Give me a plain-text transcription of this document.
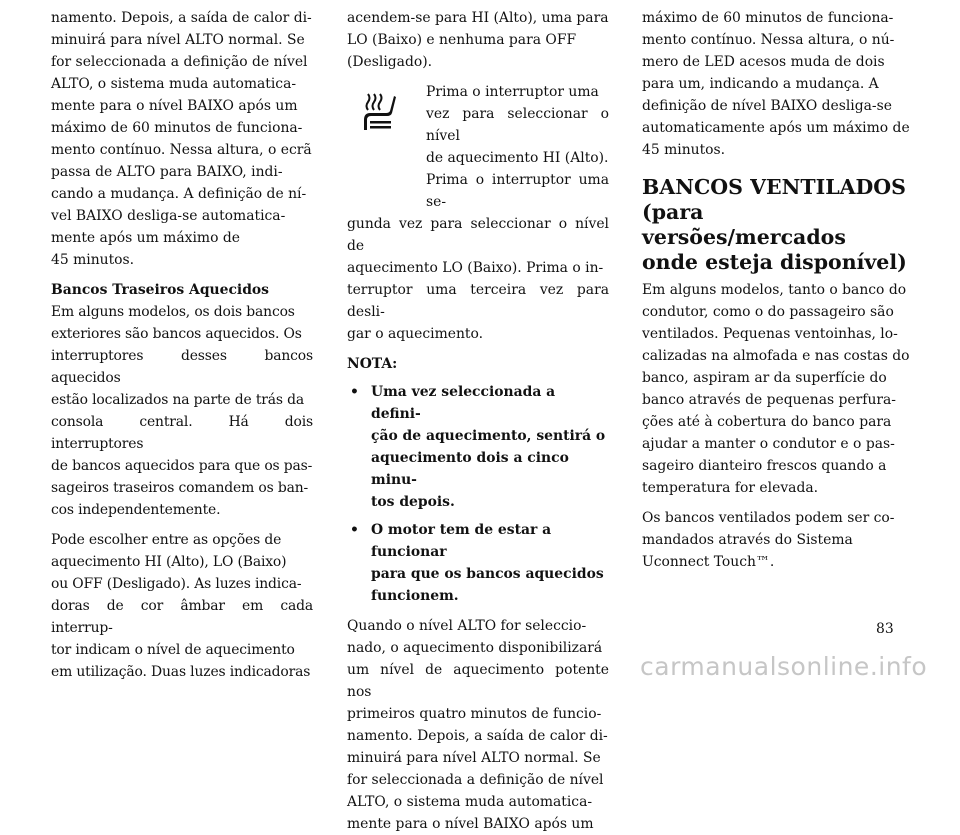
namento. Depois, a saída de calor di-
minuirá para nível ALTO normal. Se
for seleccionada a definição de nível
ALTO, o sistema muda automatica-
mente para o nível BAIXO após um
máximo de 60 minutos de funciona-
mento contínuo. Nessa altura, o ecrã
passa de ALTO para BAIXO, indi-
cando a mudança. A definição de ní-
vel BAIXO desliga-se automatica-
mente após um máximo de
45 minutos.

Bancos Traseiros Aquecidos

Em alguns modelos, os dois bancos
exteriores são bancos aquecidos. Os
interruptores desses bancos aquecidos
estão localizados na parte de trás da
consola central. Há dois interruptores
de bancos aquecidos para que os pas-
sageiros traseiros comandem os ban-
cos independentemente.

Pode escolher entre as opções de
aquecimento HI (Alto), LO (Baixo)
ou OFF (Desligado). As luzes indica-
doras de cor âmbar em cada interrup-
tor indicam o nível de aquecimento
em utilização. Duas luzes indicadoras

acendem-se para HI (Alto), uma para
LO (Baixo) e nenhuma para OFF
(Desligado).

Prima o interruptor uma
vez para seleccionar o nível
de aquecimento HI (Alto).
Prima o interruptor uma se-

gunda vez para seleccionar o nível de
aquecimento LO (Baixo). Prima o in-
terruptor uma terceira vez para desli-
gar o aquecimento.

NOTA:

• Uma vez seleccionada a defini-
ção de aquecimento, sentirá o
aquecimento dois a cinco minu-
tos depois.
• O motor tem de estar a funcionar
para que os bancos aquecidos
funcionem.

Quando o nível ALTO for seleccio-
nado, o aquecimento disponibilizará
um nível de aquecimento potente nos
primeiros quatro minutos de funcio-
namento. Depois, a saída de calor di-
minuirá para nível ALTO normal. Se
for seleccionada a definição de nível
ALTO, o sistema muda automatica-
mente para o nível BAIXO após um

máximo de 60 minutos de funciona-
mento contínuo. Nessa altura, o nú-
mero de LED acesos muda de dois
para um, indicando a mudança. A
definição de nível BAIXO desliga-se
automaticamente após um máximo de
45 minutos.

BANCOS VENTILADOS
(para versões/mercados
onde esteja disponível)

Em alguns modelos, tanto o banco do
condutor, como o do passageiro são
ventilados. Pequenas ventoinhas, lo-
calizadas na almofada e nas costas do
banco, aspiram ar da superfície do
banco através de pequenas perfura-
ções até à cobertura do banco para
ajudar a manter o condutor e o pas-
sageiro dianteiro frescos quando a
temperatura for elevada.

Os bancos ventilados podem ser co-
mandados através do Sistema
Uconnect Touch™.

83
carmanualsonline.info
